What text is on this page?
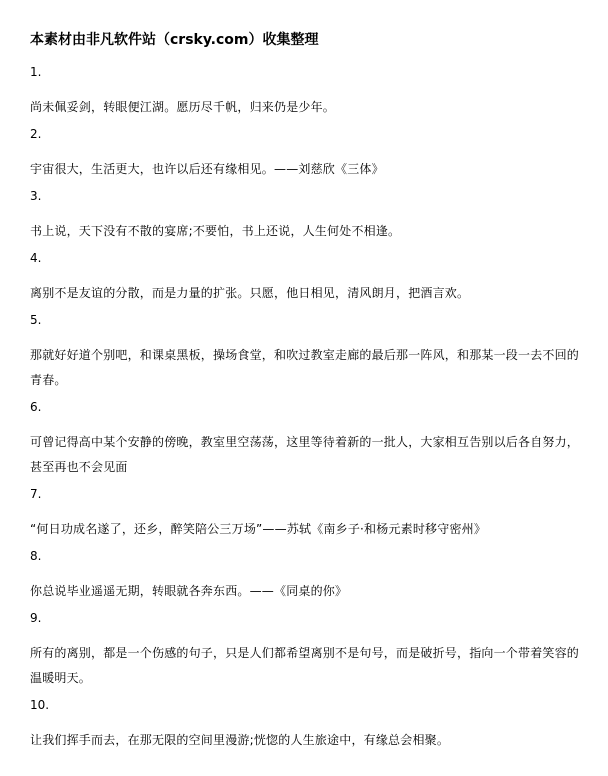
本素材由非凡软件站（crsky.com）收集整理

1.

尚未佩妥剑，转眼便江湖。愿历尽千帆，归来仍是少年。

2.

宇宙很大，生活更大，也许以后还有缘相见。——刘慈欣《三体》

3.

书上说，天下没有不散的宴席;不要怕，书上还说，人生何处不相逢。

4.

离别不是友谊的分散，而是力量的扩张。只愿，他日相见，清风朗月，把酒言欢。

5.

那就好好道个别吧，和课桌黑板，操场食堂，和吹过教室走廊的最后那一阵风，和那某一段一去不回的青春。

6.

可曾记得高中某个安静的傍晚，教室里空荡荡，这里等待着新的一批人，大家相互告别以后各自努力，甚至再也不会见面

7.

“何日功成名遂了，还乡，醉笑陪公三万场”——苏轼《南乡子·和杨元素时移守密州》

8.

你总说毕业遥遥无期，转眼就各奔东西。——《同桌的你》

9.

所有的离别，都是一个伤感的句子，只是人们都希望离别不是句号，而是破折号，指向一个带着笑容的温暖明天。

10.

让我们挥手而去，在那无限的空间里漫游;恍惚的人生旅途中，有缘总会相聚。
